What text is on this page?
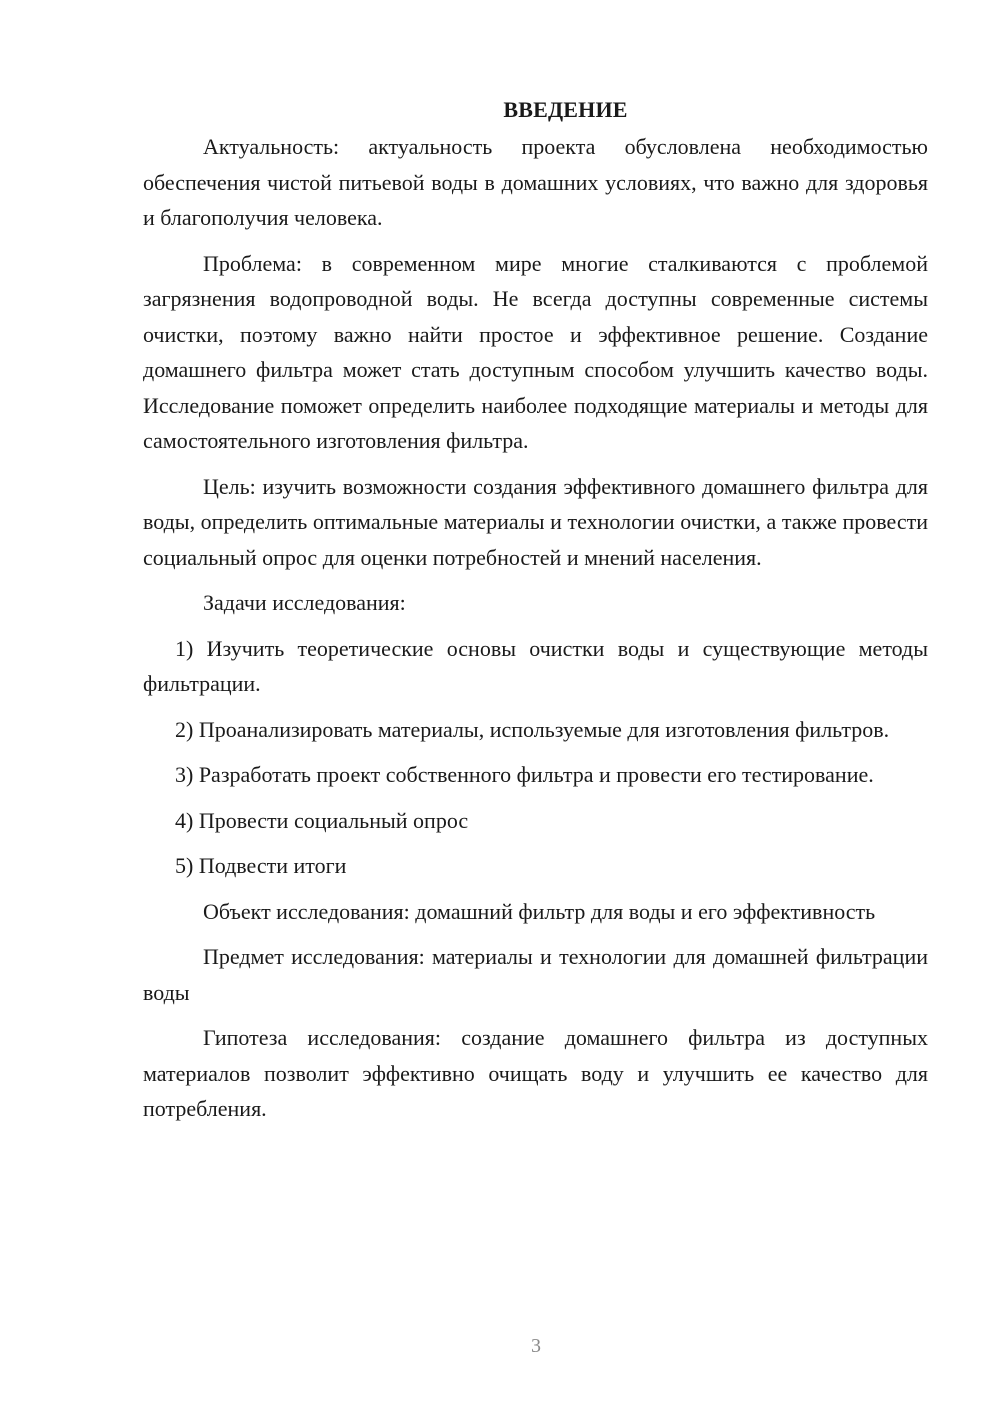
ВВЕДЕНИЕ

Актуальность: актуальность проекта обусловлена необходимостью обеспечения чистой питьевой воды в домашних условиях, что важно для здоровья и благополучия человека.

Проблема: в современном мире многие сталкиваются с проблемой загрязнения водопроводной воды. Не всегда доступны современные системы очистки, поэтому важно найти простое и эффективное решение. Создание домашнего фильтра может стать доступным способом улучшить качество воды. Исследование поможет определить наиболее подходящие материалы и методы для самостоятельного изготовления фильтра.

Цель: изучить возможности создания эффективного домашнего фильтра для воды, определить оптимальные материалы и технологии очистки, а также провести социальный опрос для оценки потребностей и мнений населения.

Задачи исследования:

1) Изучить теоретические основы очистки воды и существующие методы фильтрации.

2) Проанализировать материалы, используемые для изготовления фильтров.

3) Разработать проект собственного фильтра и провести его тестирование.

4) Провести социальный опрос

5) Подвести итоги

Объект исследования: домашний фильтр для воды и его эффективность

Предмет исследования: материалы и технологии для домашней фильтрации воды

Гипотеза исследования: создание домашнего фильтра из доступных материалов позволит эффективно очищать воду и улучшить ее качество для потребления.

3
